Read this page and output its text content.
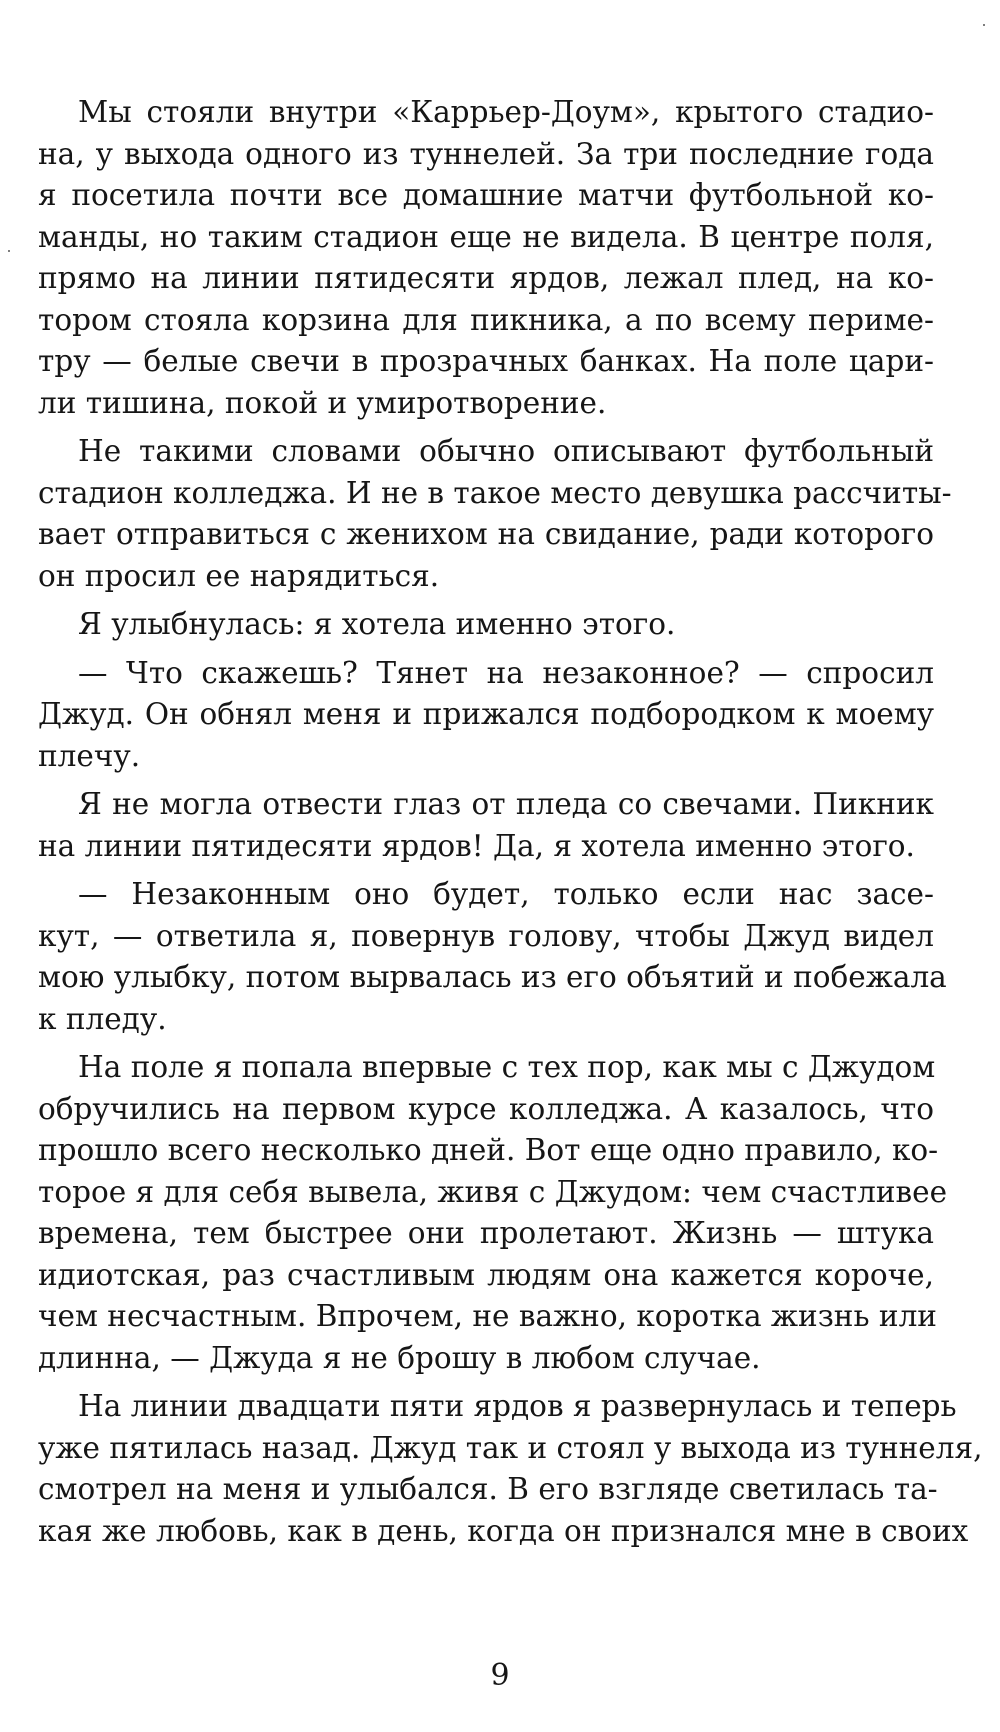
Мы стояли внутри «Каррьер-Доум», крытого стадио-
на, у выхода одного из туннелей. За три последние года
я посетила почти все домашние матчи футбольной ко-
манды, но таким стадион еще не видела. В центре поля,
прямо на линии пятидесяти ярдов, лежал плед, на ко-
тором стояла корзина для пикника, а по всему периме-
тру — белые свечи в прозрачных банках. На поле цари-
ли тишина, покой и умиротворение.
Не такими словами обычно описывают футбольный
стадион колледжа. И не в такое место девушка рассчиты-
вает отправиться с женихом на свидание, ради которого
он просил ее нарядиться.
Я улыбнулась: я хотела именно этого.
— Что скажешь? Тянет на незаконное? — спросил
Джуд. Он обнял меня и прижался подбородком к моему
плечу.
Я не могла отвести глаз от пледа со свечами. Пикник
на линии пятидесяти ярдов! Да, я хотела именно этого.
— Незаконным оно будет, только если нас засе-
кут, — ответила я, повернув голову, чтобы Джуд видел
мою улыбку, потом вырвалась из его объятий и побежала
к пледу.
На поле я попала впервые с тех пор, как мы с Джудом
обручились на первом курсе колледжа. А казалось, что
прошло всего несколько дней. Вот еще одно правило, ко-
торое я для себя вывела, живя с Джудом: чем счастливее
времена, тем быстрее они пролетают. Жизнь — штука
идиотская, раз счастливым людям она кажется короче,
чем несчастным. Впрочем, не важно, коротка жизнь или
длинна, — Джуда я не брошу в любом случае.
На линии двадцати пяти ярдов я развернулась и теперь
уже пятилась назад. Джуд так и стоял у выхода из туннеля,
смотрел на меня и улыбался. В его взгляде светилась та-
кая же любовь, как в день, когда он признался мне в своих
9
